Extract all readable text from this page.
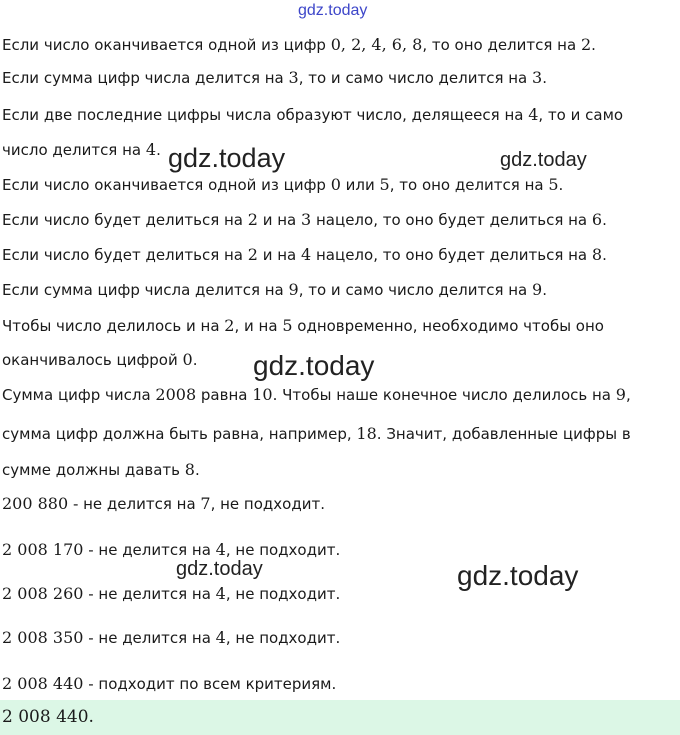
gdz.today
gdz.today	gdz.today
gdz.today
gdz.today	gdz.today
Если число оканчивается одной из цифр 0, 2, 4, 6, 8, то оно делится на 2.
Если сумма цифр числа делится на 3, то и само число делится на 3.
Если две последние цифры числа образуют число, делящееся на 4, то и само
число делится на 4.
Если число оканчивается одной из цифр 0 или 5, то оно делится на 5.
Если число будет делиться на 2 и на 3 нацело, то оно будет делиться на 6.
Если число будет делиться на 2 и на 4 нацело, то оно будет делиться на 8.
Если сумма цифр числа делится на 9, то и само число делится на 9.
Чтобы число делилось и на 2, и на 5 одновременно, необходимо чтобы оно
оканчивалось цифрой 0.
Сумма цифр числа 2008 равна 10. Чтобы наше конечное число делилось на 9,
сумма цифр должна быть равна, например, 18. Значит, добавленные цифры в
сумме должны давать 8.
200 880 - не делится на 7, не подходит.
2 008 170 - не делится на 4, не подходит.
2 008 260 - не делится на 4, не подходит.
2 008 350 - не делится на 4, не подходит.
2 008 440 - подходит по всем критериям.
2 008 440.
